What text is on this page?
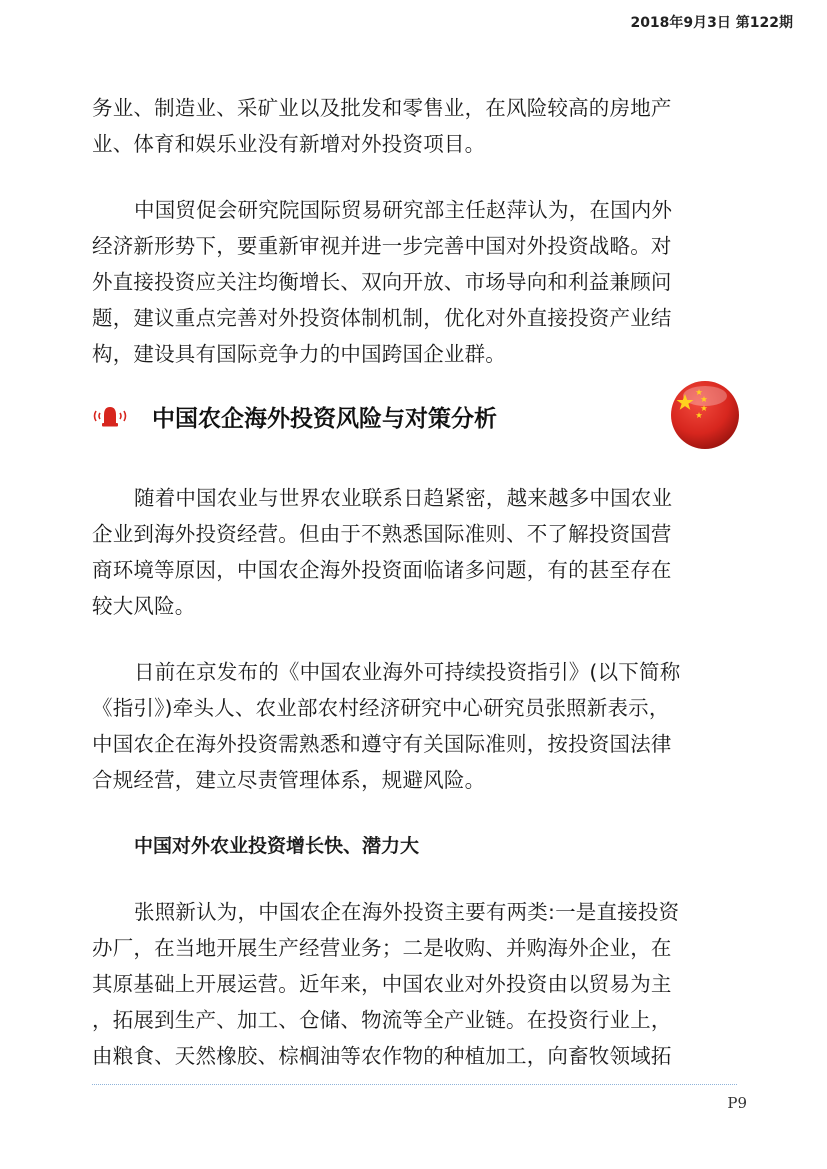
2018年9月3日 第122期
务业、制造业、采矿业以及批发和零售业，在风险较高的房地产
业、体育和娱乐业没有新增对外投资项目。
中国贸促会研究院国际贸易研究部主任赵萍认为，在国内外
经济新形势下，要重新审视并进一步完善中国对外投资战略。对
外直接投资应关注均衡增长、双向开放、市场导向和利益兼顾问
题，建议重点完善对外投资体制机制，优化对外直接投资产业结
构，建设具有国际竞争力的中国跨国企业群。
中国农企海外投资风险与对策分析
随着中国农业与世界农业联系日趋紧密，越来越多中国农业
企业到海外投资经营。但由于不熟悉国际准则、不了解投资国营
商环境等原因，中国农企海外投资面临诸多问题，有的甚至存在
较大风险。
日前在京发布的《中国农业海外可持续投资指引》(以下简称
《指引》)牵头人、农业部农村经济研究中心研究员张照新表示，
中国农企在海外投资需熟悉和遵守有关国际准则，按投资国法律
合规经营，建立尽责管理体系，规避风险。
中国对外农业投资增长快、潜力大
张照新认为，中国农企在海外投资主要有两类:一是直接投资
办厂，在当地开展生产经营业务；二是收购、并购海外企业，在
其原基础上开展运营。近年来，中国农业对外投资由以贸易为主
，拓展到生产、加工、仓储、物流等全产业链。在投资行业上，
由粮食、天然橡胶、棕榈油等农作物的种植加工，向畜牧领域拓
P9
